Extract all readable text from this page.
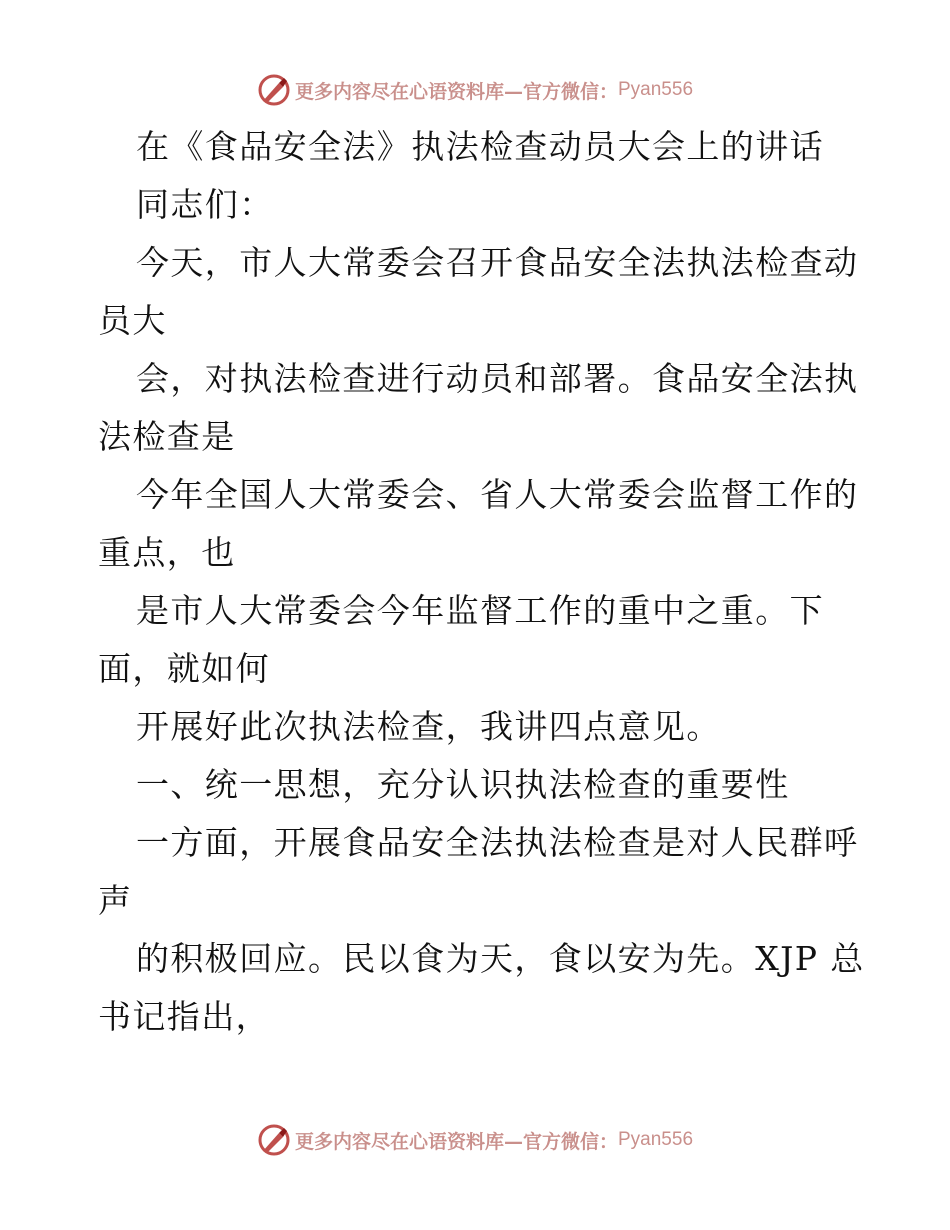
更多内容尽在心语资料库—官方微信： Pyan556
在《食品安全法》执法检查动员大会上的讲话
同志们：
今天，市人大常委会召开食品安全法执法检查动
员大
会，对执法检查进行动员和部署。食品安全法执
法检查是
今年全国人大常委会、省人大常委会监督工作的
重点，也
是市人大常委会今年监督工作的重中之重。下
面，就如何
开展好此次执法检查，我讲四点意见。
一、统一思想，充分认识执法检查的重要性
一方面，开展食品安全法执法检查是对人民群呼
声
的积极回应。民以食为天，食以安为先。XJP 总
书记指出，
更多内容尽在心语资料库—官方微信： Pyan556
